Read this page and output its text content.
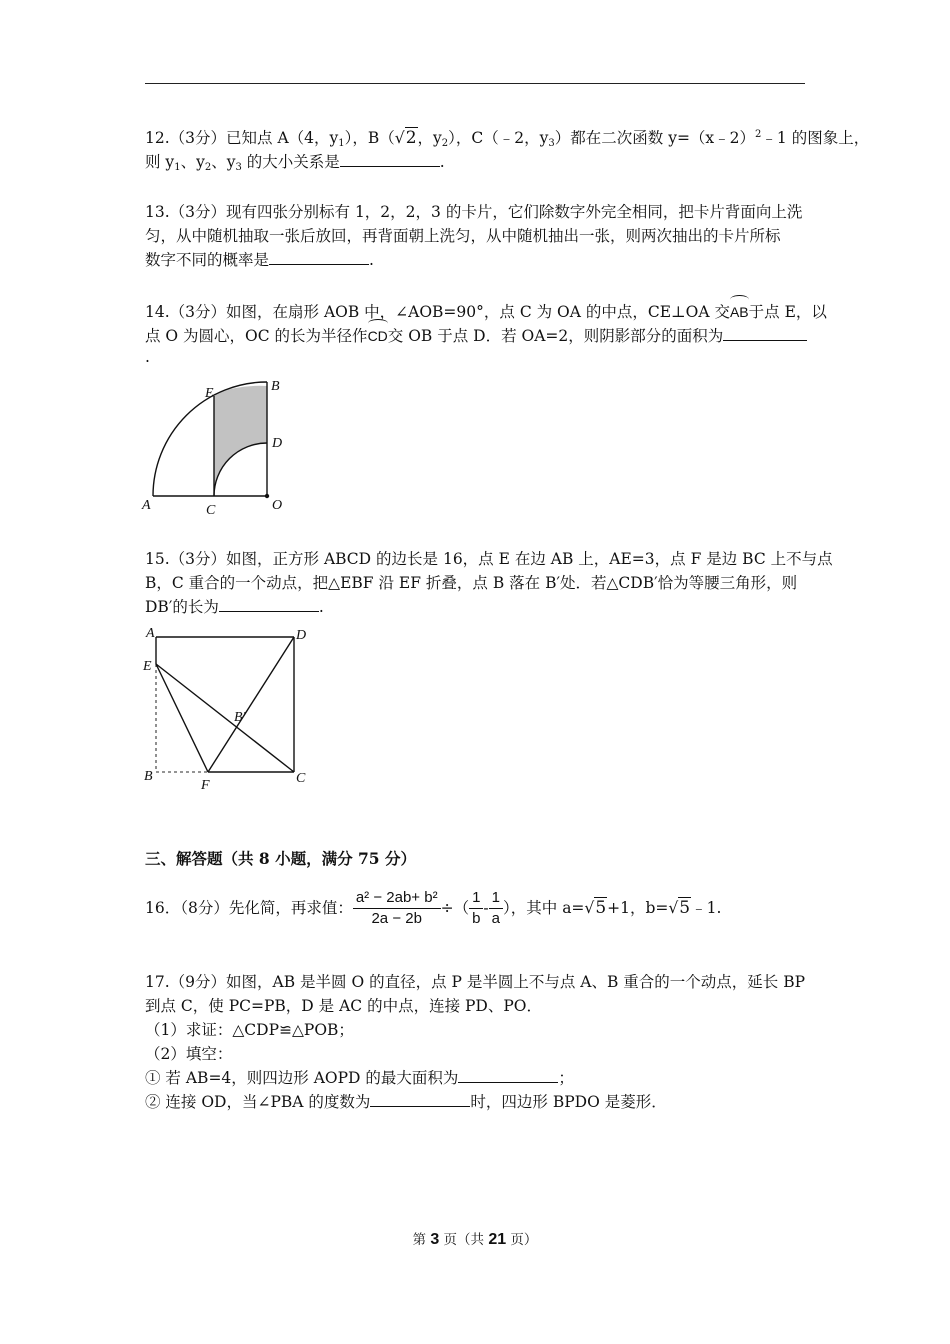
12.（3分）已知点 A（4，$y_1$），B（√2，$y_2$），C（﹣2，$y_3$）都在二次函数 y=（x﹣2）$^2$﹣1 的图象上，
则 $y_1$、$y_2$、$y_3$ 的大小关系是	.
13.（3分）现有四张分别标有 1，2，2，3 的卡片，它们除数字外完全相同，把卡片背面向上洗
匀，从中随机抽取一张后放回，再背面朝上洗匀，从中随机抽出一张，则两次抽出的卡片所标
数字不同的概率是	.
14.（3分）如图，在扇形 AOB 中，∠AOB=90°，点 C 为 OA 的中点，CE⊥OA 交AB于点 E，以
点 O 为圆心，OC 的长为半径作CD交 OB 于点 D．若 OA=2，则阴影部分的面积为
.
A
B
C
D
E
O
15.（3分）如图，正方形 ABCD 的边长是 16，点 E 在边 AB 上，AE=3，点 F 是边 BC 上不与点
B，C 重合的一个动点，把△EBF 沿 EF 折叠，点 B 落在 B′处．若△CDB′恰为等腰三角形，则
DB′的长为	.
A	D
E
B′
B
F	C
三、解答题（共 8 小题，满分 75 分）
16．（8分）先化简，再求值： $\frac{\text{a² − 2ab+ b²}}{2a - 2b}$ ÷（ $\frac{1}{b} - \frac{1}{a}$ ），其中 a= √5 +1，b= √5 ﹣1.
17.（9分）如图，AB 是半圆 O 的直径，点 P 是半圆上不与点 A、B 重合的一个动点，延长 BP
到点 C，使 PC=PB，D 是 AC 的中点，连接 PD、PO．
（1）求证：△CDP≌△POB；
（2）填空：
① 若 AB=4，则四边形 AOPD 的最大面积为	；
② 连接 OD，当∠PBA 的度数为	时，四边形 BPDO 是菱形．
第 3 页（共 21 页）
